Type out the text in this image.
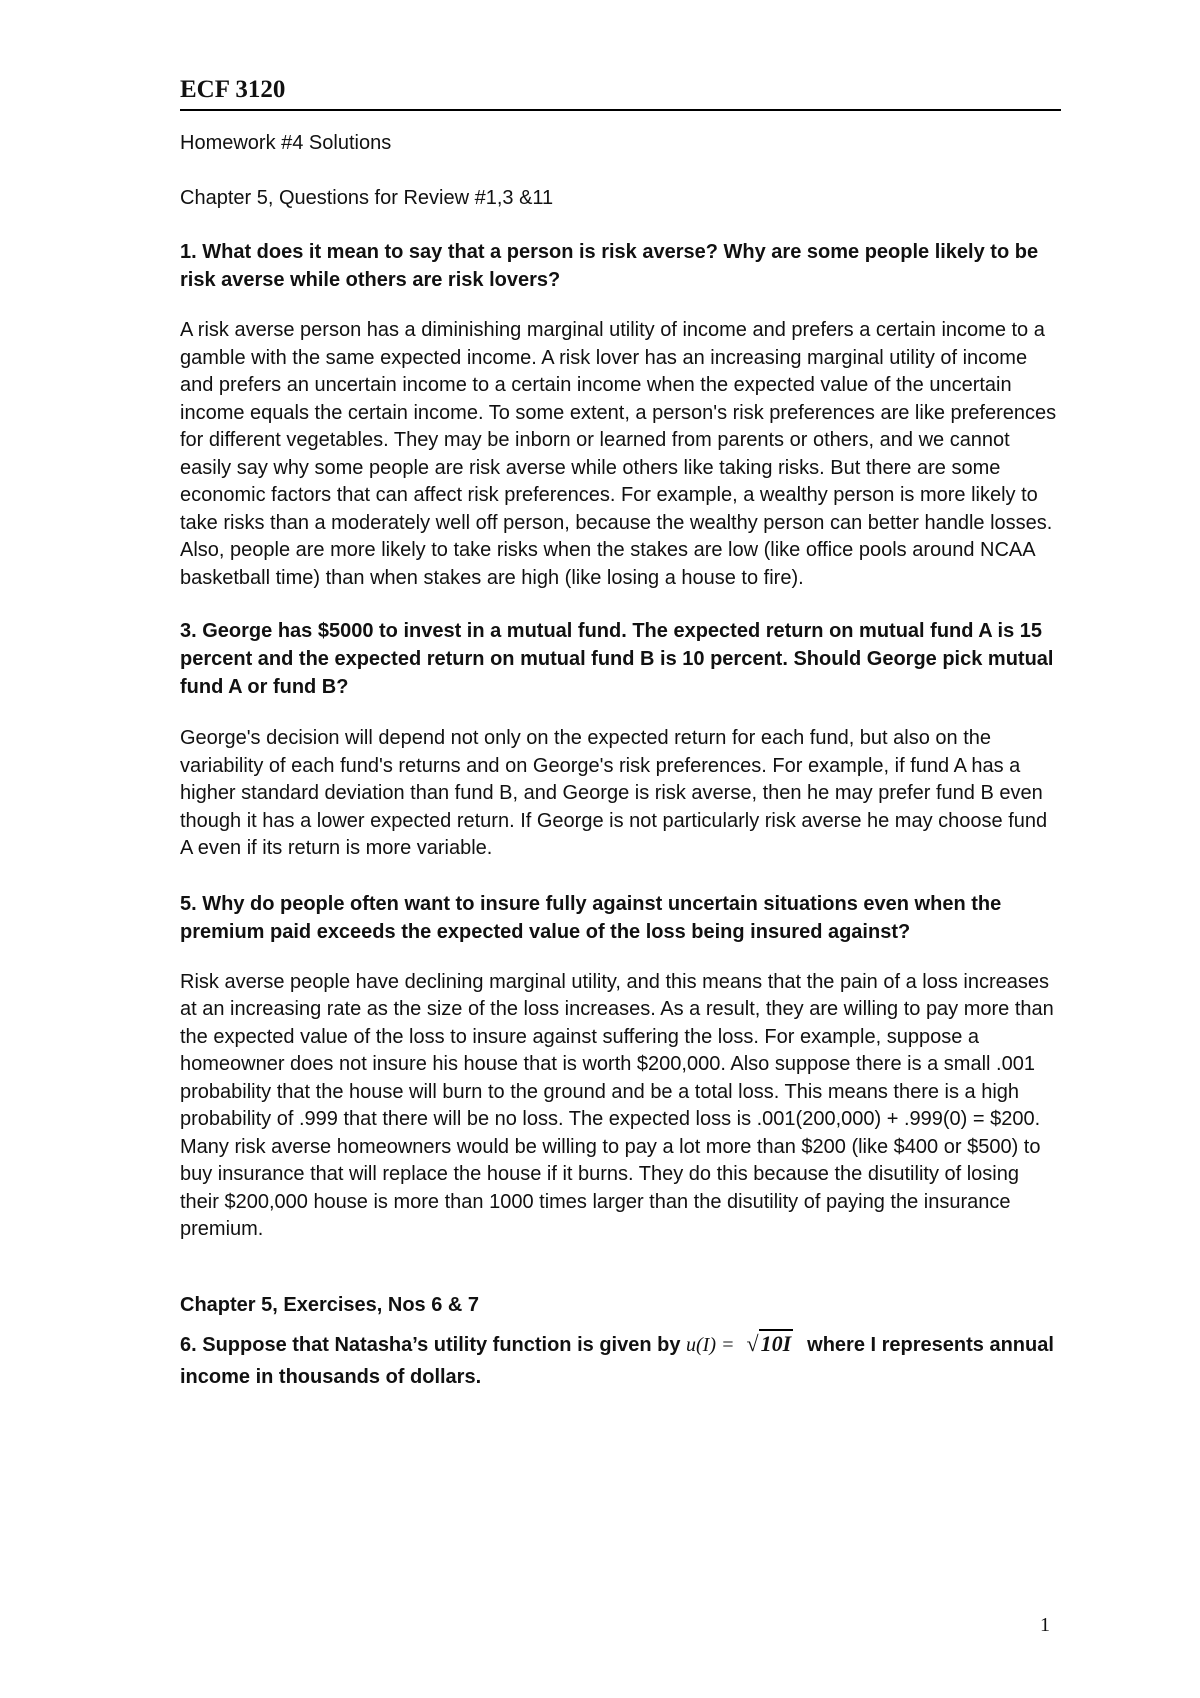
ECF 3120

Homework #4 Solutions

Chapter 5, Questions for Review #1,3 &11

1. What does it mean to say that a person is risk averse? Why are some people likely to be risk averse while others are risk lovers?

A risk averse person has a diminishing marginal utility of income and prefers a certain income to a gamble with the same expected income. A risk lover has an increasing marginal utility of income and prefers an uncertain income to a certain income when the expected value of the uncertain income equals the certain income. To some extent, a person's risk preferences are like preferences for different vegetables. They may be inborn or learned from parents or others, and we cannot easily say why some people are risk averse while others like taking risks. But there are some economic factors that can affect risk preferences. For example, a wealthy person is more likely to take risks than a moderately well off person, because the wealthy person can better handle losses. Also, people are more likely to take risks when the stakes are low (like office pools around NCAA basketball time) than when stakes are high (like losing a house to fire).

3. George has $5000 to invest in a mutual fund. The expected return on mutual fund A is 15 percent and the expected return on mutual fund B is 10 percent. Should George pick mutual fund A or fund B?

George's decision will depend not only on the expected return for each fund, but also on the variability of each fund's returns and on George's risk preferences. For example, if fund A has a higher standard deviation than fund B, and George is risk averse, then he may prefer fund B even though it has a lower expected return. If George is not particularly risk averse he may choose fund A even if its return is more variable.

5. Why do people often want to insure fully against uncertain situations even when the premium paid exceeds the expected value of the loss being insured against?

Risk averse people have declining marginal utility, and this means that the pain of a loss increases at an increasing rate as the size of the loss increases. As a result, they are willing to pay more than the expected value of the loss to insure against suffering the loss. For example, suppose a homeowner does not insure his house that is worth $200,000. Also suppose there is a small .001 probability that the house will burn to the ground and be a total loss. This means there is a high probability of .999 that there will be no loss. The expected loss is .001(200,000) + .999(0) = $200. Many risk averse homeowners would be willing to pay a lot more than $200 (like $400 or $500) to buy insurance that will replace the house if it burns. They do this because the disutility of losing their $200,000 house is more than 1000 times larger than the disutility of paying the insurance premium.

Chapter 5, Exercises, Nos 6 & 7

6. Suppose that Natasha’s utility function is given by u(I) = √10I where I represents annual income in thousands of dollars.

1
